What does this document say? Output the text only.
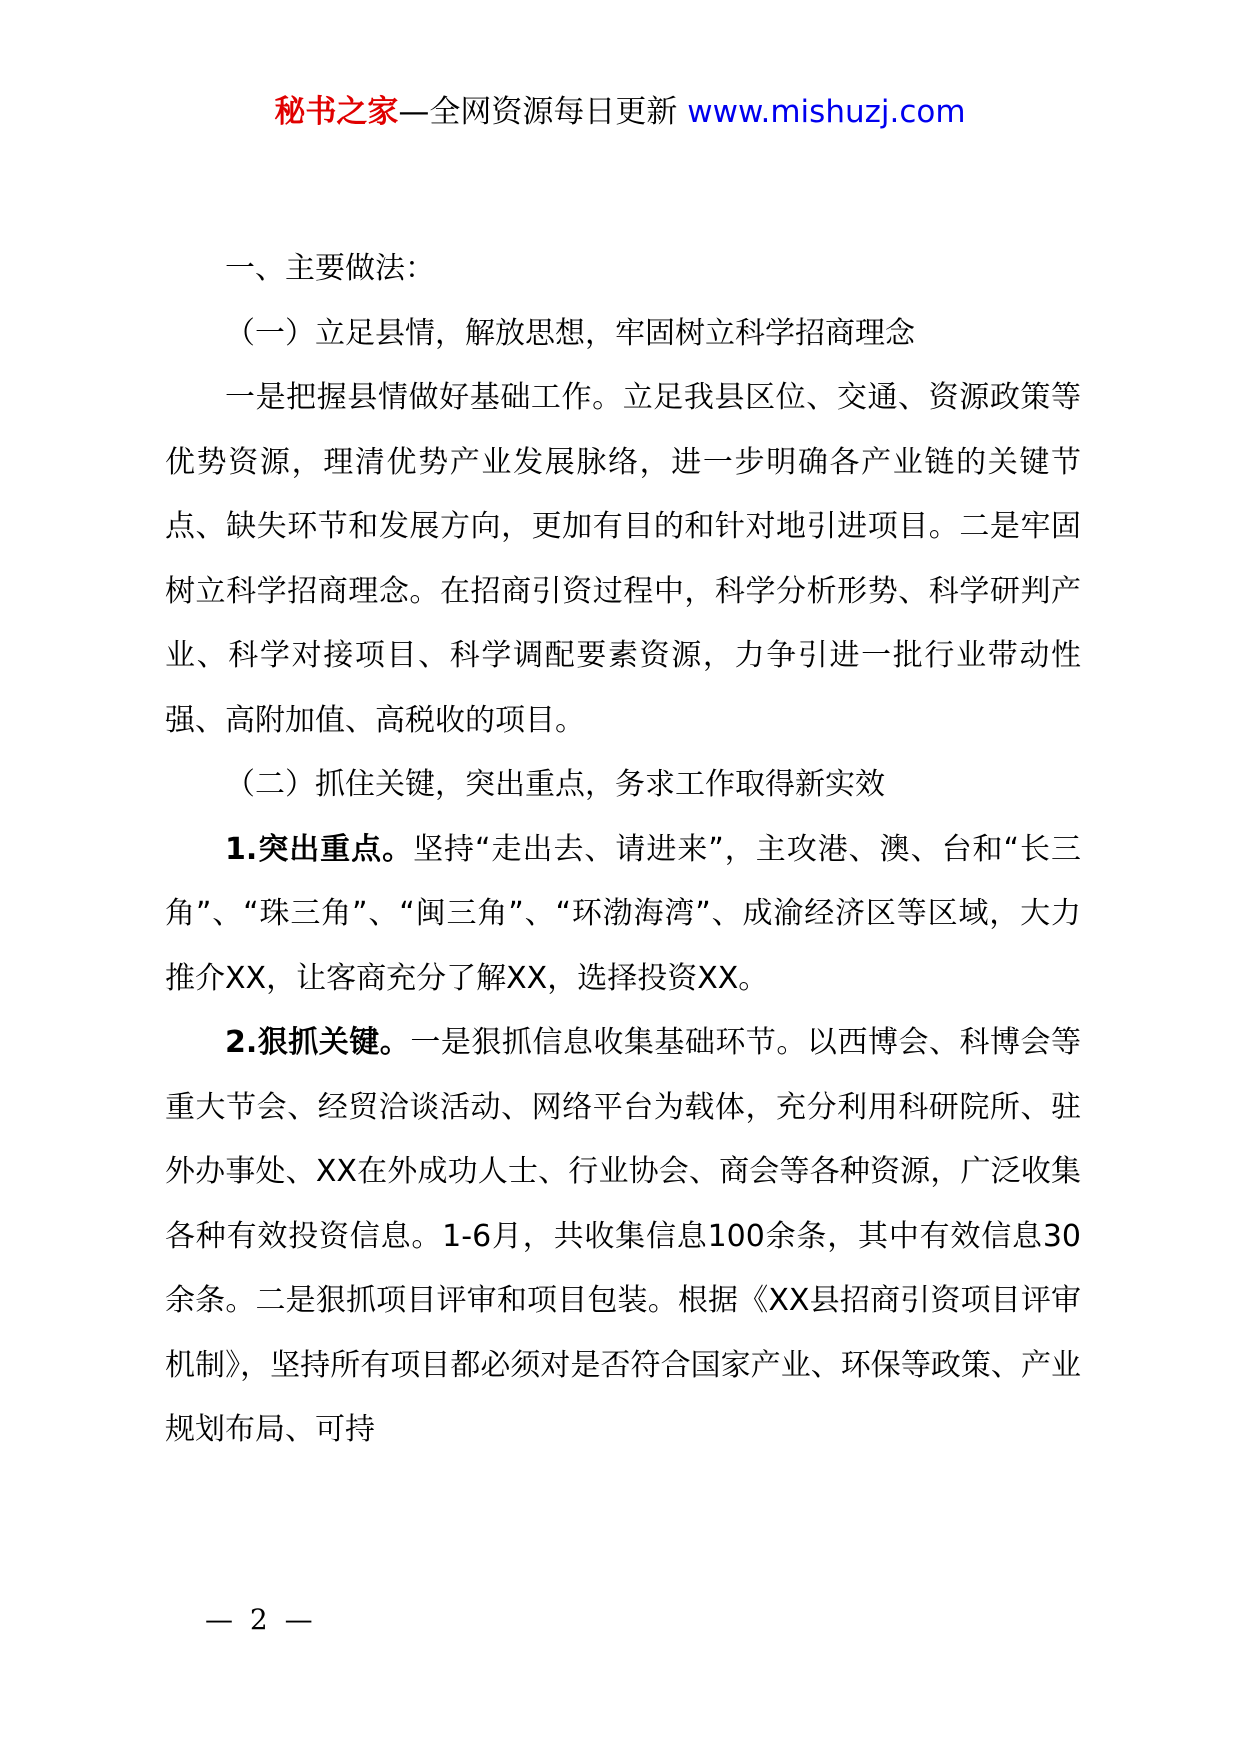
秘书之家—全网资源每日更新 www.mishuzj.com

一、主要做法：

（一）立足县情，解放思想，牢固树立科学招商理念

一是把握县情做好基础工作。立足我县区位、交通、资源政策等优势资源，理清优势产业发展脉络，进一步明确各产业链的关键节点、缺失环节和发展方向，更加有目的和针对地引进项目。二是牢固树立科学招商理念。在招商引资过程中，科学分析形势、科学研判产业、科学对接项目、科学调配要素资源，力争引进一批行业带动性强、高附加值、高税收的项目。

（二）抓住关键，突出重点，务求工作取得新实效

1.突出重点。坚持“走出去、请进来”，主攻港、澳、台和“长三角”、“珠三角”、“闽三角”、“环渤海湾”、成渝经济区等区域，大力推介XX，让客商充分了解XX，选择投资XX。

2.狠抓关键。一是狠抓信息收集基础环节。以西博会、科博会等重大节会、经贸洽谈活动、网络平台为载体，充分利用科研院所、驻外办事处、XX在外成功人士、行业协会、商会等各种资源，广泛收集各种有效投资信息。1-6月，共收集信息100余条，其中有效信息30余条。二是狠抓项目评审和项目包装。根据《XX县招商引资项目评审机制》，坚持所有项目都必须对是否符合国家产业、环保等政策、产业规划布局、可持

— 2 —
